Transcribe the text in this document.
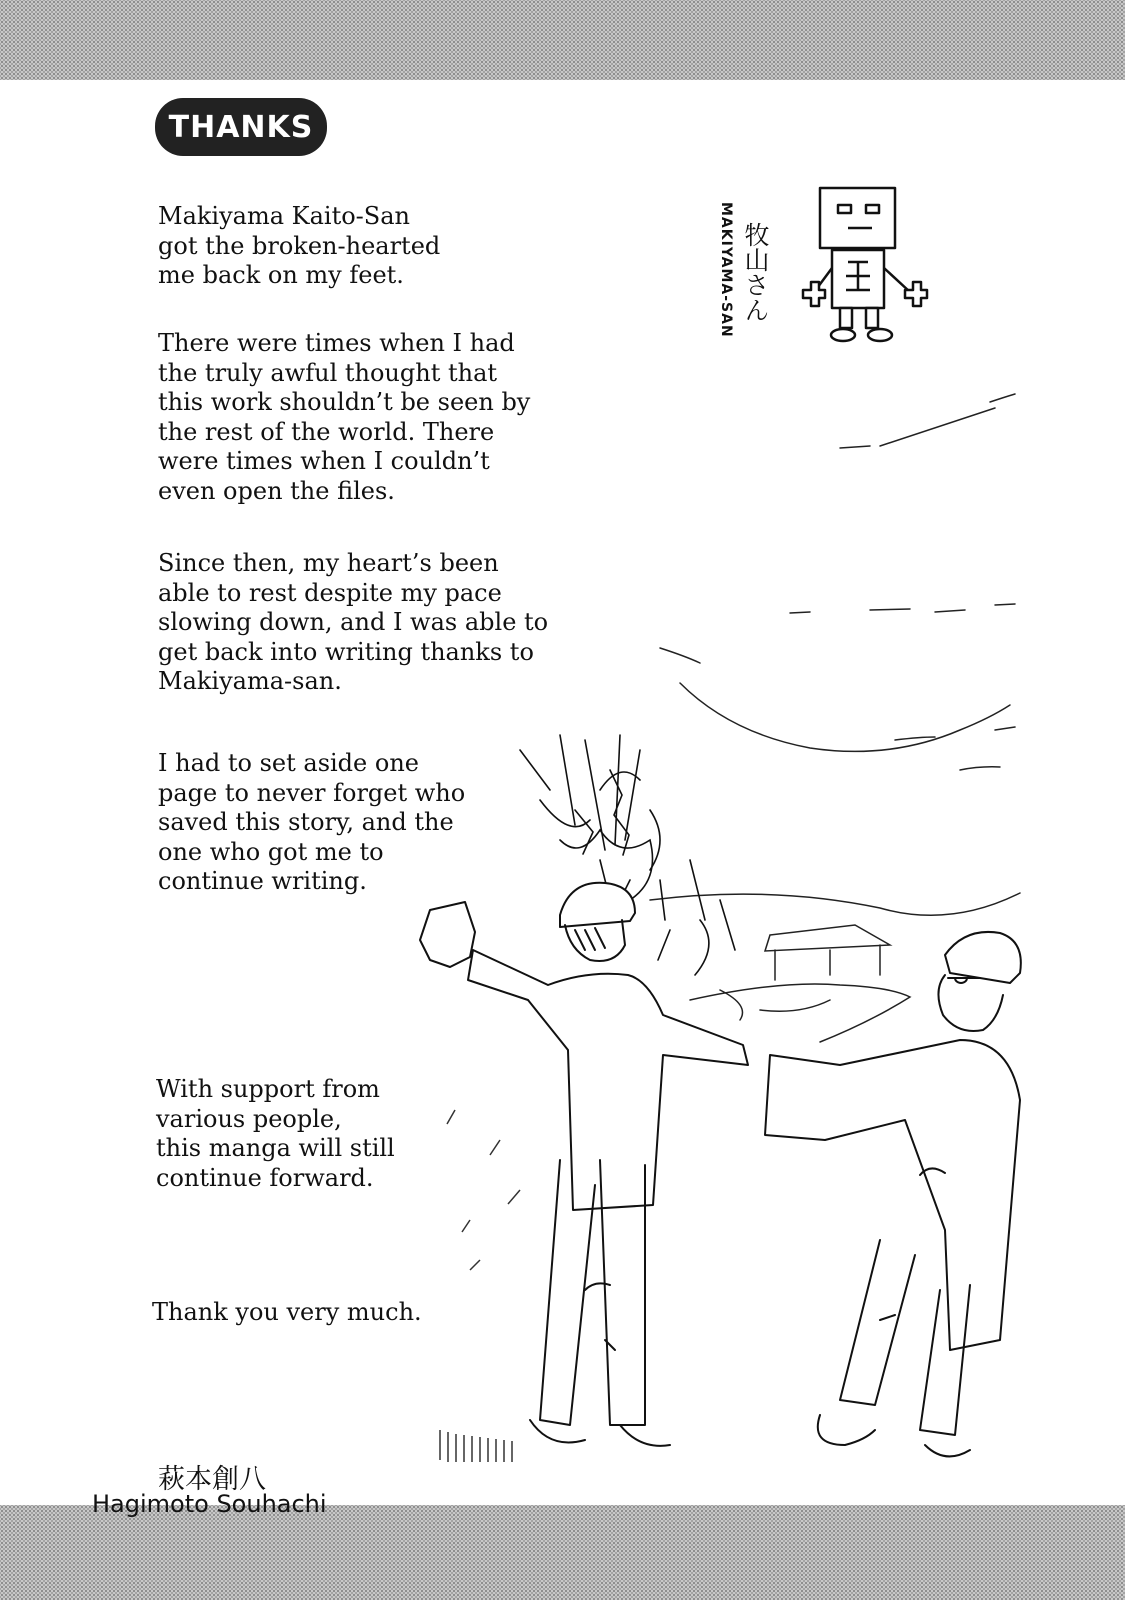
THANKS

Makiyama Kaito-San
got the broken-hearted
me back on my feet.

There were times when I had
the truly awful thought that
this work shouldn’t be seen by
the rest of the world. There
were times when I couldn’t
even open the files.

Since then, my heart’s been
able to rest despite my pace
slowing down, and I was able to
get back into writing thanks to
Makiyama-san.

I had to set aside one
page to never forget who
saved this story, and the
one who got me to
continue writing.

With support from
various people,
this manga will still
continue forward.

Thank you very much.

萩本創八

Hagimoto Souhachi

牧山さん

MAKIYAMA-SAN
